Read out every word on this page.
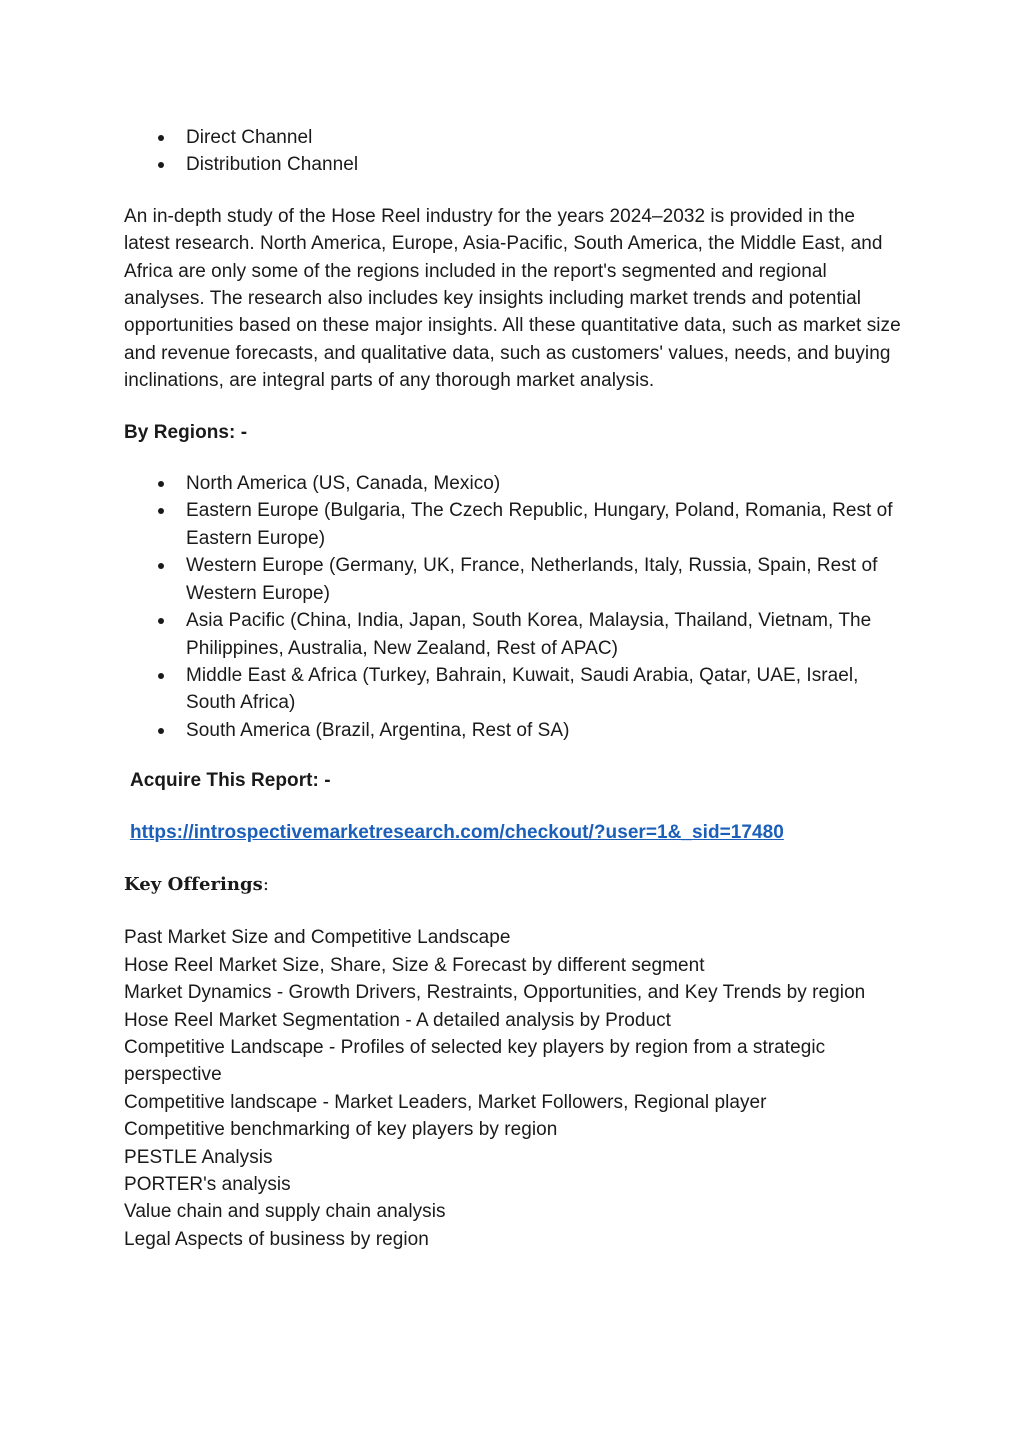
Direct Channel
Distribution Channel

An in-depth study of the Hose Reel industry for the years 2024–2032 is provided in the latest research. North America, Europe, Asia-Pacific, South America, the Middle East, and Africa are only some of the regions included in the report's segmented and regional analyses. The research also includes key insights including market trends and potential opportunities based on these major insights. All these quantitative data, such as market size and revenue forecasts, and qualitative data, such as customers' values, needs, and buying inclinations, are integral parts of any thorough market analysis.

By Regions: -

North America (US, Canada, Mexico)
Eastern Europe (Bulgaria, The Czech Republic, Hungary, Poland, Romania, Rest of Eastern Europe)
Western Europe (Germany, UK, France, Netherlands, Italy, Russia, Spain, Rest of Western Europe)
Asia Pacific (China, India, Japan, South Korea, Malaysia, Thailand, Vietnam, The Philippines, Australia, New Zealand, Rest of APAC)
Middle East & Africa (Turkey, Bahrain, Kuwait, Saudi Arabia, Qatar, UAE, Israel, South Africa)
South America (Brazil, Argentina, Rest of SA)

Acquire This Report: -

https://introspectivemarketresearch.com/checkout/?user=1&_sid=17480

Key Offerings:

Past Market Size and Competitive Landscape

Hose Reel Market Size, Share, Size & Forecast by different segment

Market Dynamics - Growth Drivers, Restraints, Opportunities, and Key Trends by region

Hose Reel Market Segmentation - A detailed analysis by Product

Competitive Landscape - Profiles of selected key players by region from a strategic perspective

Competitive landscape - Market Leaders, Market Followers, Regional player

Competitive benchmarking of key players by region

PESTLE Analysis

PORTER's analysis

Value chain and supply chain analysis

Legal Aspects of business by region
